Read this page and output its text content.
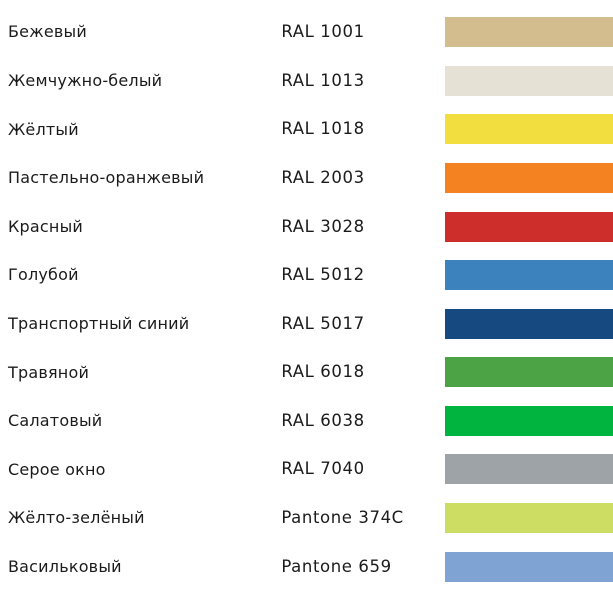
Бежевый	RAL 1001
Жемчужно-белый	RAL 1013
Жёлтый	RAL 1018
Пастельно-оранжевый	RAL 2003
Красный	RAL 3028
Голубой	RAL 5012
Транспортный синий	RAL 5017
Травяной	RAL 6018
Салатовый	RAL 6038
Серое окно	RAL 7040
Жёлто-зелёный	Pantone 374C
Васильковый	Pantone 659
